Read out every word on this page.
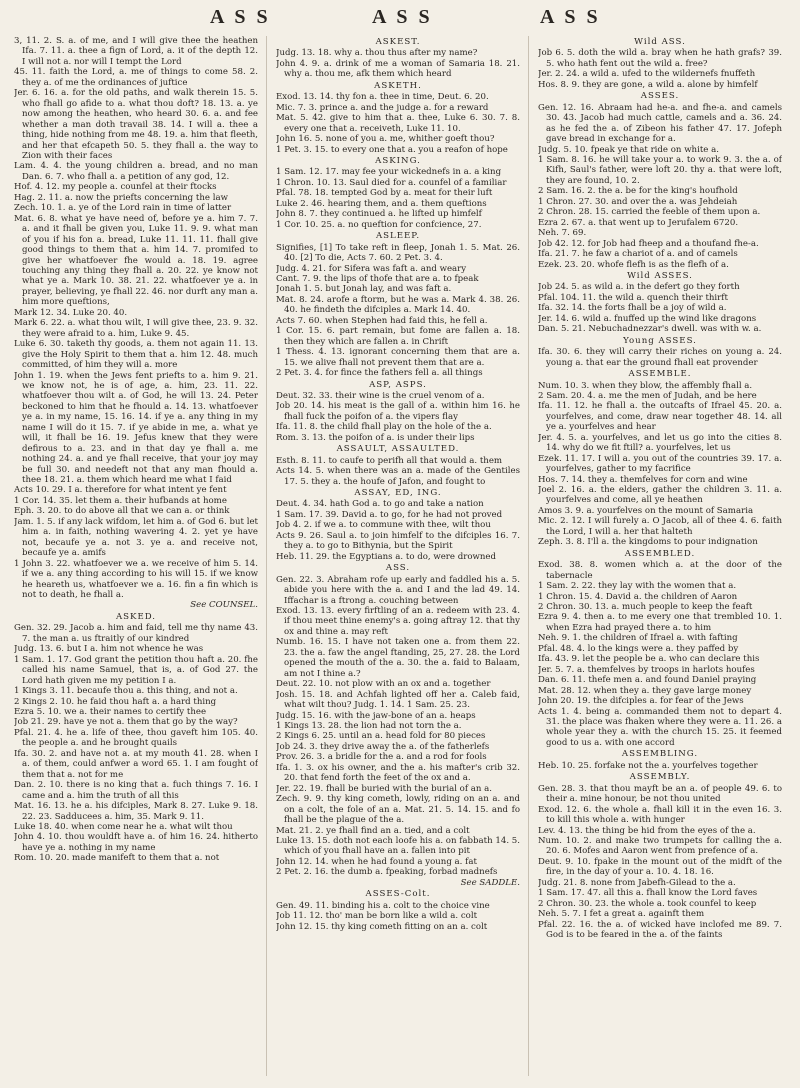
A S S	A S S	A S S

3, 11. 2. S. a. of me, and I will give thee the heathen Ifa. 7. 11. a. thee a fign of Lord, a. it of the depth 12. I will not a. nor will I tempt the Lord

45. 11. faith the Lord, a. me of things to come 58. 2. they a. of me the ordinances of juftice

Jer. 6. 16. a. for the old paths, and walk therein 15. 5. who fhall go afide to a. what thou doft? 18. 13. a. ye now among the heathen, who heard 30. 6. a. and fee whether a man doth travail 38. 14. I will a. thee a thing, hide nothing from me 48. 19. a. him that fleeth, and her that efcapeth 50. 5. they fhall a. the way to Zion with their faces

Lam. 4. 4. the young children a. bread, and no man Dan. 6. 7. who fhall a. a petition of any god, 12.

Hof. 4. 12. my people a. counfel at their ftocks

Hag. 2. 11. a. now the priefts concerning the law

Zech. 10. 1. a. ye of the Lord rain in time of latter

Mat. 6. 8. what ye have need of, before ye a. him 7. 7. a. and it fhall be given you, Luke 11. 9. 9. what man of you if his fon a. bread, Luke 11. 11. 11. fhall give good things to them that a. him 14. 7. promifed to give her whatfoever fhe would a. 18. 19. agree touching any thing they fhall a. 20. 22. ye know not what ye a. Mark 10. 38. 21. 22. whatfoever ye a. in prayer, believing, ye fhall 22. 46. nor durft any man a. him more queftions,

Mark 12. 34. Luke 20. 40.

Mark 6. 22. a. what thou wilt, I will give thee, 23. 9. 32. they were afraid to a. him, Luke 9. 45.

Luke 6. 30. taketh thy goods, a. them not again 11. 13. give the Holy Spirit to them that a. him 12. 48. much committed, of him they will a. more

John 1. 19. when the Jews fent priefts to a. him 9. 21. we know not, he is of age, a. him, 23. 11. 22. whatfoever thou wilt a. of God, he will 13. 24. Peter beckoned to him that he fhould a. 14. 13. whatfoever ye a. in my name, 15. 16. 14. if ye a. any thing in my name I will do it 15. 7. if ye abide in me, a. what ye will, it fhall be 16. 19. Jefus knew that they were defirous to a. 23. and in that day ye fhall a. me nothing 24. a. and ye fhall receive, that your joy may be full 30. and needeft not that any man fhould a. thee 18. 21. a. them which heard me what I faid

Acts 10. 29. I a. therefore for what intent ye fent

1 Cor. 14. 35. let them a. their hufbands at home

Eph. 3. 20. to do above all that we can a. or think

Jam. 1. 5. if any lack wifdom, let him a. of God 6. but let him a. in faith, nothing wavering 4. 2. yet ye have not, becaufe ye a. not 3. ye a. and receive not, becaufe ye a. amifs

1 John 3. 22. whatfoever we a. we receive of him 5. 14. if we a. any thing according to his will 15. if we know he heareth us, whatfoever we a. 16. fin a fin which is not to death, he fhall a.

See COUNSEL.

ASKED.

Gen. 32. 29. Jacob a. him and faid, tell me thy name 43. 7. the man a. us ftraitly of our kindred

Judg. 13. 6. but I a. him not whence he was

1 Sam. 1. 17. God grant the petition thou haft a. 20. fhe called his name Samuel, that is, a. of God 27. the Lord hath given me my petition I a.

1 Kings 3. 11. becaufe thou a. this thing, and not a.

2 Kings 2. 10. he faid thou haft a. a hard thing

Ezra 5. 10. we a. their names to certify thee

Job 21. 29. have ye not a. them that go by the way?

Pfal. 21. 4. he a. life of thee, thou gaveft him 105. 40. the people a. and he brought quails

Ifa. 30. 2. and have not a. at my mouth 41. 28. when I a. of them, could anfwer a word 65. 1. I am fought of them that a. not for me

Dan. 2. 10. there is no king that a. fuch things 7. 16. I came and a. him the truth of all this

Mat. 16. 13. he a. his difciples, Mark 8. 27. Luke 9. 18. 22. 23. Sadducees a. him, 35. Mark 9. 11.

Luke 18. 40. when come near he a. what wilt thou

John 4. 10. thou wouldft have a. of him 16. 24. hitherto have ye a. nothing in my name

Rom. 10. 20. made manifeft to them that a. not

ASKEST.

Judg. 13. 18. why a. thou thus after my name?

John 4. 9. a. drink of me a woman of Samaria 18. 21. why a. thou me, afk them which heard

ASKETH.

Exod. 13. 14. thy fon a. thee in time, Deut. 6. 20.

Mic. 7. 3. prince a. and the judge a. for a reward

Mat. 5. 42. give to him that a. thee, Luke 6. 30. 7. 8. every one that a. receiveth, Luke 11. 10.

John 16. 5. none of you a. me, whither goeft thou?

1 Pet. 3. 15. to every one that a. you a reafon of hope

ASKING.

1 Sam. 12. 17. may fee your wickednefs in a. a king

1 Chron. 10. 13. Saul died for a. counfel of a familiar

Pfal. 78. 18. tempted God by a. meat for their luft

Luke 2. 46. hearing them, and a. them queftions

John 8. 7. they continued a. he lifted up himfelf

1 Cor. 10. 25. a. no queftion for confcience, 27.

ASLEEP.

Signifies, [1] To take reft in fleep, Jonah 1. 5. Mat. 26. 40. [2] To die, Acts 7. 60. 2 Pet. 3. 4.

Judg. 4. 21. for Sifera was faft a. and weary

Cant. 7. 9. the lips of thofe that are a. to fpeak

Jonah 1. 5. but Jonah lay, and was faft a.

Mat. 8. 24. arofe a ftorm, but he was a. Mark 4. 38. 26. 40. he findeth the difciples a. Mark 14. 40.

Acts 7. 60. when Stephen had faid this, he fell a.

1 Cor. 15. 6. part remain, but fome are fallen a. 18. then they which are fallen a. in Chrift

1 Thess. 4. 13. ignorant concerning them that are a. 15. we alive fhall not prevent them that are a.

2 Pet. 3. 4. for fince the fathers fell a. all things

ASP, ASPS.

Deut. 32. 33. their wine is the cruel venom of a.

Job 20. 14. his meat is the gall of a. within him 16. he fhall fuck the poifon of a. the vipers flay

Ifa. 11. 8. the child fhall play on the hole of the a.

Rom. 3. 13. the poifon of a. is under their lips

ASSAULT, ASSAULTED.

Esth. 8. 11. to caufe to perifh all that would a. them

Acts 14. 5. when there was an a. made of the Gentiles 17. 5. they a. the houfe of Jafon, and fought to

ASSAY, ED, ING.

Deut. 4. 34. hath God a. to go and take a nation

1 Sam. 17. 39. David a. to go, for he had not proved

Job 4. 2. if we a. to commune with thee, wilt thou

Acts 9. 26. Saul a. to join himfelf to the difciples 16. 7. they a. to go to Bithynia, but the Spirit

Heb. 11. 29. the Egyptians a. to do, were drowned

ASS.

Gen. 22. 3. Abraham rofe up early and faddled his a. 5. abide you here with the a. and I and the lad 49. 14. Iffachar is a ftrong a. couching between

Exod. 13. 13. every firftling of an a. redeem with 23. 4. if thou meet thine enemy's a. going aftray 12. that thy ox and thine a. may reft

Numb. 16. 15. I have not taken one a. from them 22. 23. the a. faw the angel ftanding, 25, 27. 28. the Lord opened the mouth of the a. 30. the a. faid to Balaam, am not I thine a.?

Deut. 22. 10. not plow with an ox and a. together

Josh. 15. 18. and Achfah lighted off her a. Caleb faid, what wilt thou? Judg. 1. 14. 1 Sam. 25. 23.

Judg. 15. 16. with the jaw-bone of an a. heaps

1 Kings 13. 28. the lion had not torn the a.

2 Kings 6. 25. until an a. head fold for 80 pieces

Job 24. 3. they drive away the a. of the fatherlefs

Prov. 26. 3. a bridle for the a. and a rod for fools

Ifa. 1. 3. ox his owner, and the a. his mafter's crib 32. 20. that fend forth the feet of the ox and a.

Jer. 22. 19. fhall be buried with the burial of an a.

Zech. 9. 9. thy king cometh, lowly, riding on an a. and on a colt, the fole of an a. Mat. 21. 5. 14. 15. and fo fhall be the plague of the a.

Mat. 21. 2. ye fhall find an a. tied, and a colt

Luke 13. 15. doth not each loofe his a. on fabbath 14. 5. which of you fhall have an a. fallen into pit

John 12. 14. when he had found a young a. fat

2 Pet. 2. 16. the dumb a. fpeaking, forbad madnefs

See SADDLE.

ASSES-Colt.

Gen. 49. 11. binding his a. colt to the choice vine

Job 11. 12. tho' man be born like a wild a. colt

John 12. 15. thy king cometh fitting on an a. colt

Wild ASS.

Job 6. 5. doth the wild a. bray when he hath grafs? 39. 5. who hath fent out the wild a. free?

Jer. 2. 24. a wild a. ufed to the wildernefs fnuffeth

Hos. 8. 9. they are gone, a wild a. alone by himfelf

ASSES.

Gen. 12. 16. Abraam had he-a. and fhe-a. and camels 30. 43. Jacob had much cattle, camels and a. 36. 24. as he fed the a. of Zibeon his father 47. 17. Jofeph gave bread in exchange for a.

Judg. 5. 10. fpeak ye that ride on white a.

1 Sam. 8. 16. he will take your a. to work 9. 3. the a. of Kifh, Saul's father, were loft 20. thy a. that were loft, they are found, 10. 2.

2 Sam. 16. 2. the a. be for the king's houfhold

1 Chron. 27. 30. and over the a. was Jehdeiah

2 Chron. 28. 15. carried the feeble of them upon a.

Ezra 2. 67. a. that went up to Jerufalem 6720.

Neh. 7. 69.

Job 42. 12. for Job had fheep and a thoufand fhe-a.

Ifa. 21. 7. he faw a chariot of a. and of camels

Ezek. 23. 20. whofe flefh is as the flefh of a.

Wild ASSES.

Job 24. 5. as wild a. in the defert go they forth

Pfal. 104. 11. the wild a. quench their thirft

Ifa. 32. 14. the forts fhall be a joy of wild a.

Jer. 14. 6. wild a. fnuffed up the wind like dragons

Dan. 5. 21. Nebuchadnezzar's dwell. was with w. a.

Young ASSES.

Ifa. 30. 6. they will carry their riches on young a. 24. young a. that ear the ground fhall eat provender

ASSEMBLE.

Num. 10. 3. when they blow, the affembly fhall a.

2 Sam. 20. 4. a. me the men of Judah, and be here

Ifa. 11. 12. he fhall a. the outcafts of Ifrael 45. 20. a. yourfelves, and come, draw near together 48. 14. all ye a. yourfelves and hear

Jer. 4. 5. a. yourfelves, and let us go into the cities 8. 14. why do we fit ftill? a. yourfelves, let us

Ezek. 11. 17. I will a. you out of the countries 39. 17. a. yourfelves, gather to my facrifice

Hos. 7. 14. they a. themfelves for corn and wine

Joel 2. 16. a. the elders, gather the children 3. 11. a. yourfelves and come, all ye heathen

Amos 3. 9. a. yourfelves on the mount of Samaria

Mic. 2. 12. I will furely a. O Jacob, all of thee 4. 6. faith the Lord, I will a. her that halteth

Zeph. 3. 8. I'll a. the kingdoms to pour indignation

ASSEMBLED.

Exod. 38. 8. women which a. at the door of the tabernacle

1 Sam. 2. 22. they lay with the women that a.

1 Chron. 15. 4. David a. the children of Aaron

2 Chron. 30. 13. a. much people to keep the feaft

Ezra 9. 4. then a. to me every one that trembled 10. 1. when Ezra had prayed there a. to him

Neh. 9. 1. the children of Ifrael a. with fafting

Pfal. 48. 4. lo the kings were a. they paffed by

Ifa. 43. 9. let the people be a. who can declare this

Jer. 5. 7. a. themfelves by troops in harlots houfes

Dan. 6. 11. thefe men a. and found Daniel praying

Mat. 28. 12. when they a. they gave large money

John 20. 19. the difciples a. for fear of the Jews

Acts 1. 4. being a. commanded them not to depart 4. 31. the place was fhaken where they were a. 11. 26. a whole year they a. with the church 15. 25. it feemed good to us a. with one accord

ASSEMBLING.

Heb. 10. 25. forfake not the a. yourfelves together

ASSEMBLY.

Gen. 28. 3. that thou mayft be an a. of people 49. 6. to their a. mine honour, be not thou united

Exod. 12. 6. the whole a. fhall kill it in the even 16. 3. to kill this whole a. with hunger

Lev. 4. 13. the thing be hid from the eyes of the a.

Num. 10. 2. and make two trumpets for calling the a. 20. 6. Mofes and Aaron went from prefence of a.

Deut. 9. 10. fpake in the mount out of the midft of the fire, in the day of your a. 10. 4. 18. 16.

Judg. 21. 8. none from Jabefh-Gilead to the a.

1 Sam. 17. 47. all this a. fhall know the Lord faves

2 Chron. 30. 23. the whole a. took counfel to keep

Neh. 5. 7. I fet a great a. againft them

Pfal. 22. 16. the a. of wicked have inclofed me 89. 7. God is to be feared in the a. of the faints
